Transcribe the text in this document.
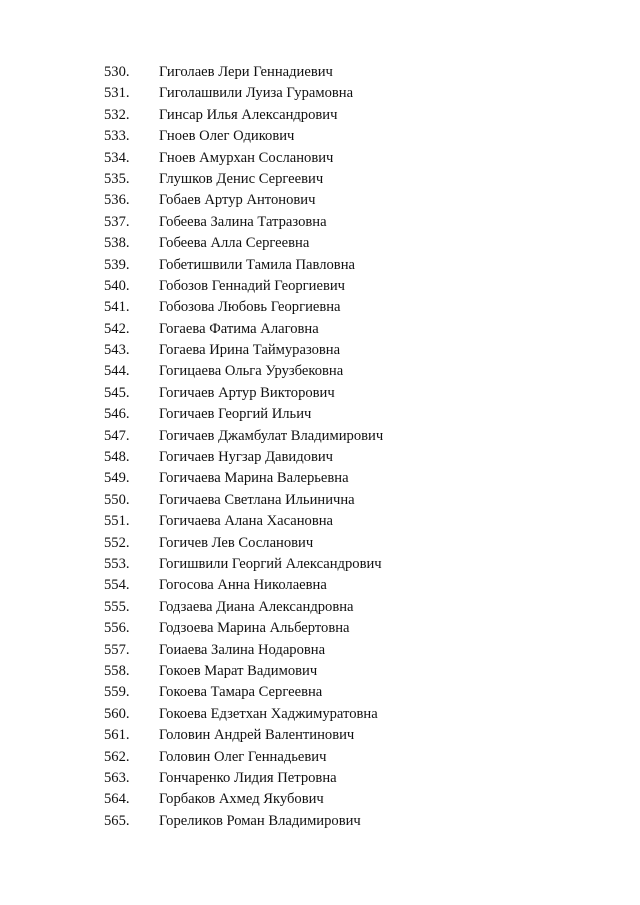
530. Гиголаев Лери Геннадиевич
531. Гиголашвили Луиза Гурамовна
532. Гинсар Илья Александрович
533. Гноев Олег Одикович
534. Гноев Амурхан Сосланович
535. Глушков Денис Сергеевич
536. Гобаев Артур Антонович
537. Гобеева Залина Татразовна
538. Гобеева Алла Сергеевна
539. Гобетишвили Тамила Павловна
540. Гобозов Геннадий Георгиевич
541. Гобозова Любовь Георгиевна
542. Гогаева Фатима Алаговна
543. Гогаева Ирина Таймуразовна
544. Гогицаева Ольга Урузбековна
545. Гогичаев Артур Викторович
546. Гогичаев Георгий Ильич
547. Гогичаев Джамбулат Владимирович
548. Гогичаев Нугзар Давидович
549. Гогичаева Марина Валерьевна
550. Гогичаева Светлана Ильинична
551. Гогичаева Алана Хасановна
552. Гогичев Лев Сосланович
553. Гогишвили Георгий Александрович
554. Гогосова Анна Николаевна
555. Годзаева Диана Александровна
556. Годзоева Марина Альбертовна
557. Гоиаева Залина Нодаровна
558. Гокоев Марат Вадимович
559. Гокоева Тамара Сергеевна
560. Гокоева Едзетхан Хаджимуратовна
561. Головин Андрей Валентинович
562. Головин Олег Геннадьевич
563. Гончаренко Лидия Петровна
564. Горбаков Ахмед Якубович
565. Гореликов Роман Владимирович
